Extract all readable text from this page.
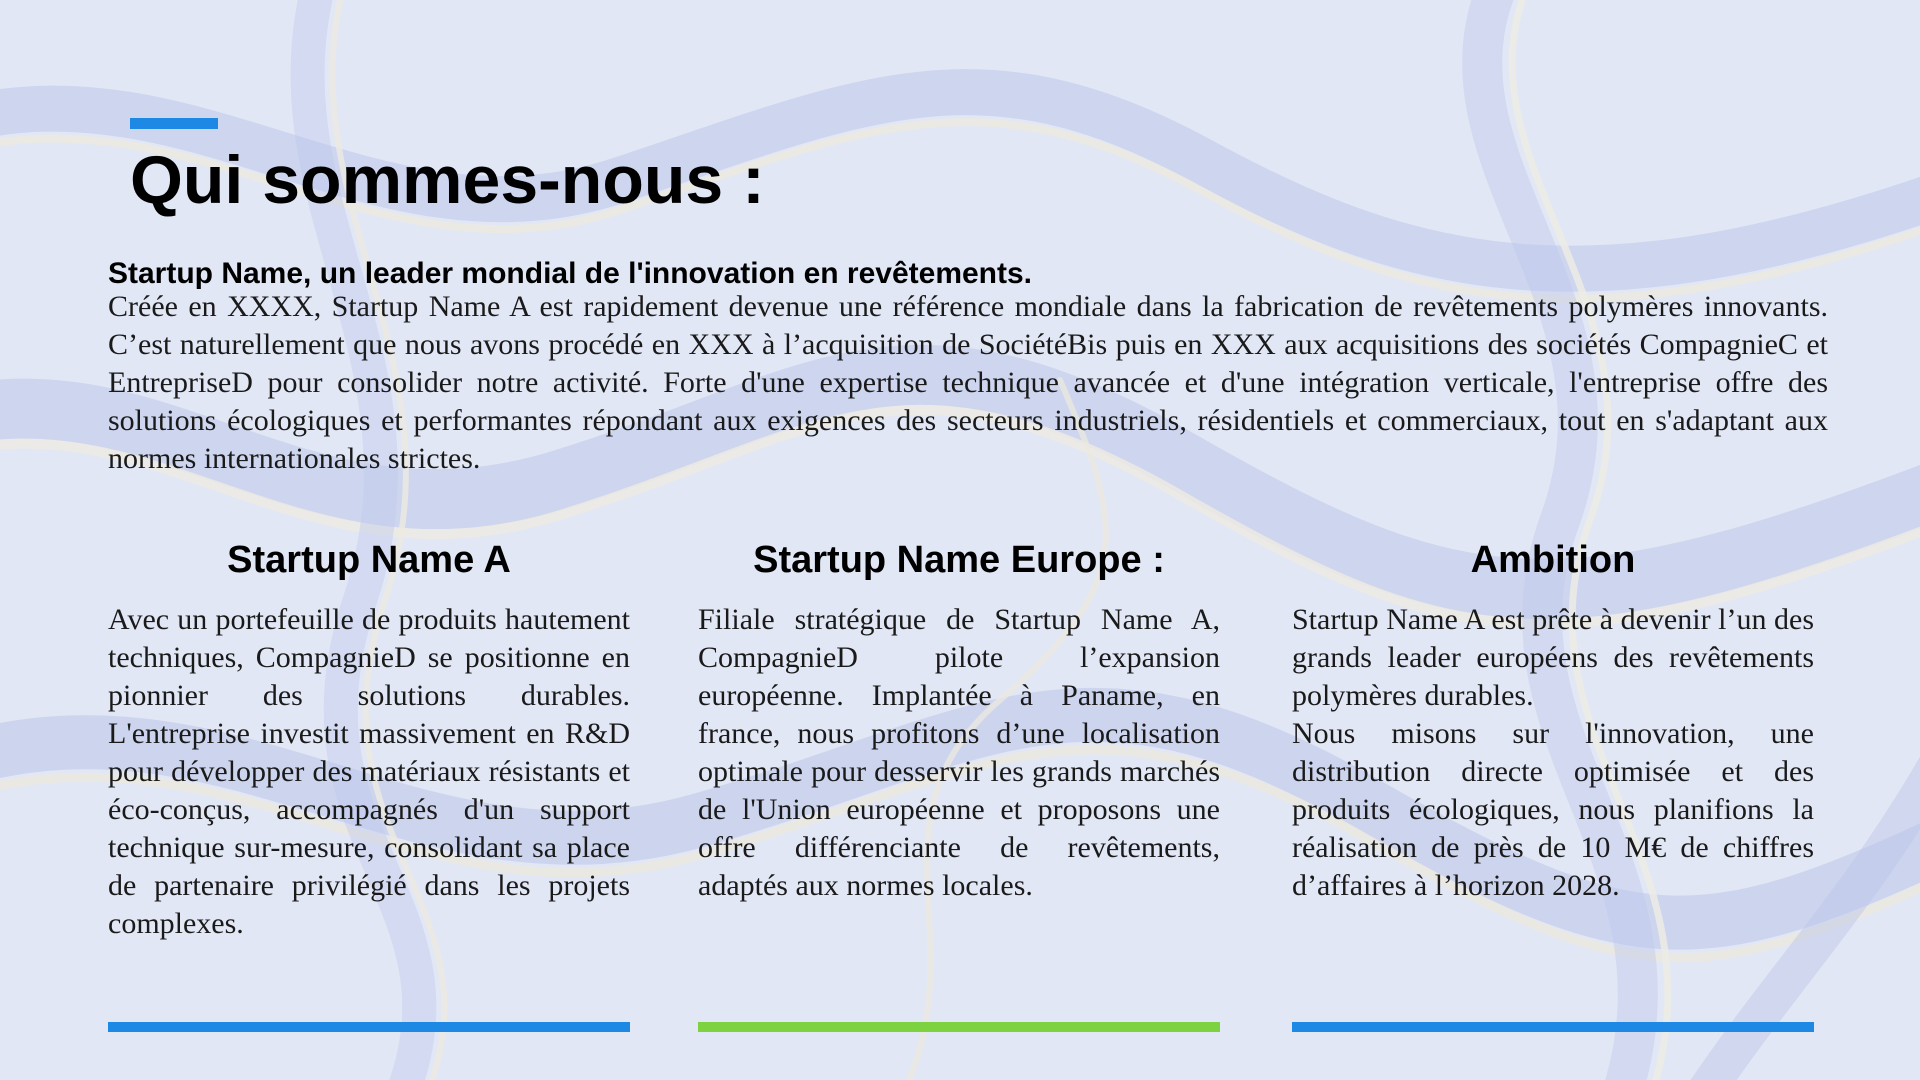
Qui sommes-nous :
Startup Name, un leader mondial de l'innovation en revêtements.

Créée en XXXX, Startup Name A est rapidement devenue une référence mondiale dans la fabrication de revêtements polymères innovants. C’est naturellement que nous avons procédé en XXX à l’acquisition de SociétéBis puis en XXX aux acquisitions des sociétés CompagnieC et EntrepriseD pour consolider notre activité. Forte d'une expertise technique avancée et d'une intégration verticale, l'entreprise offre des solutions écologiques et performantes répondant aux exigences des secteurs industriels, résidentiels et commerciaux, tout en s'adaptant aux normes internationales strictes.

Startup Name A

Avec un portefeuille de produits hautement techniques, CompagnieD se positionne en pionnier des solutions durables. L'entreprise investit massivement en R&D pour développer des matériaux résistants et éco-conçus, accompagnés d'un support technique sur-mesure, consolidant sa place de partenaire privilégié dans les projets complexes.

Startup Name Europe :

Filiale stratégique de Startup Name A, CompagnieD pilote l’expansion européenne. Implantée à Paname, en france, nous profitons d’une localisation optimale pour desservir les grands marchés de l'Union européenne et proposons une offre différenciante de revêtements, adaptés aux normes locales.

Ambition

Startup Name A est prête à devenir l’un des grands leader européens des revêtements polymères durables.

Nous misons sur l'innovation, une distribution directe optimisée et des produits écologiques, nous planifions la réalisation de près de 10 M€ de chiffres d’affaires à l’horizon 2028.
